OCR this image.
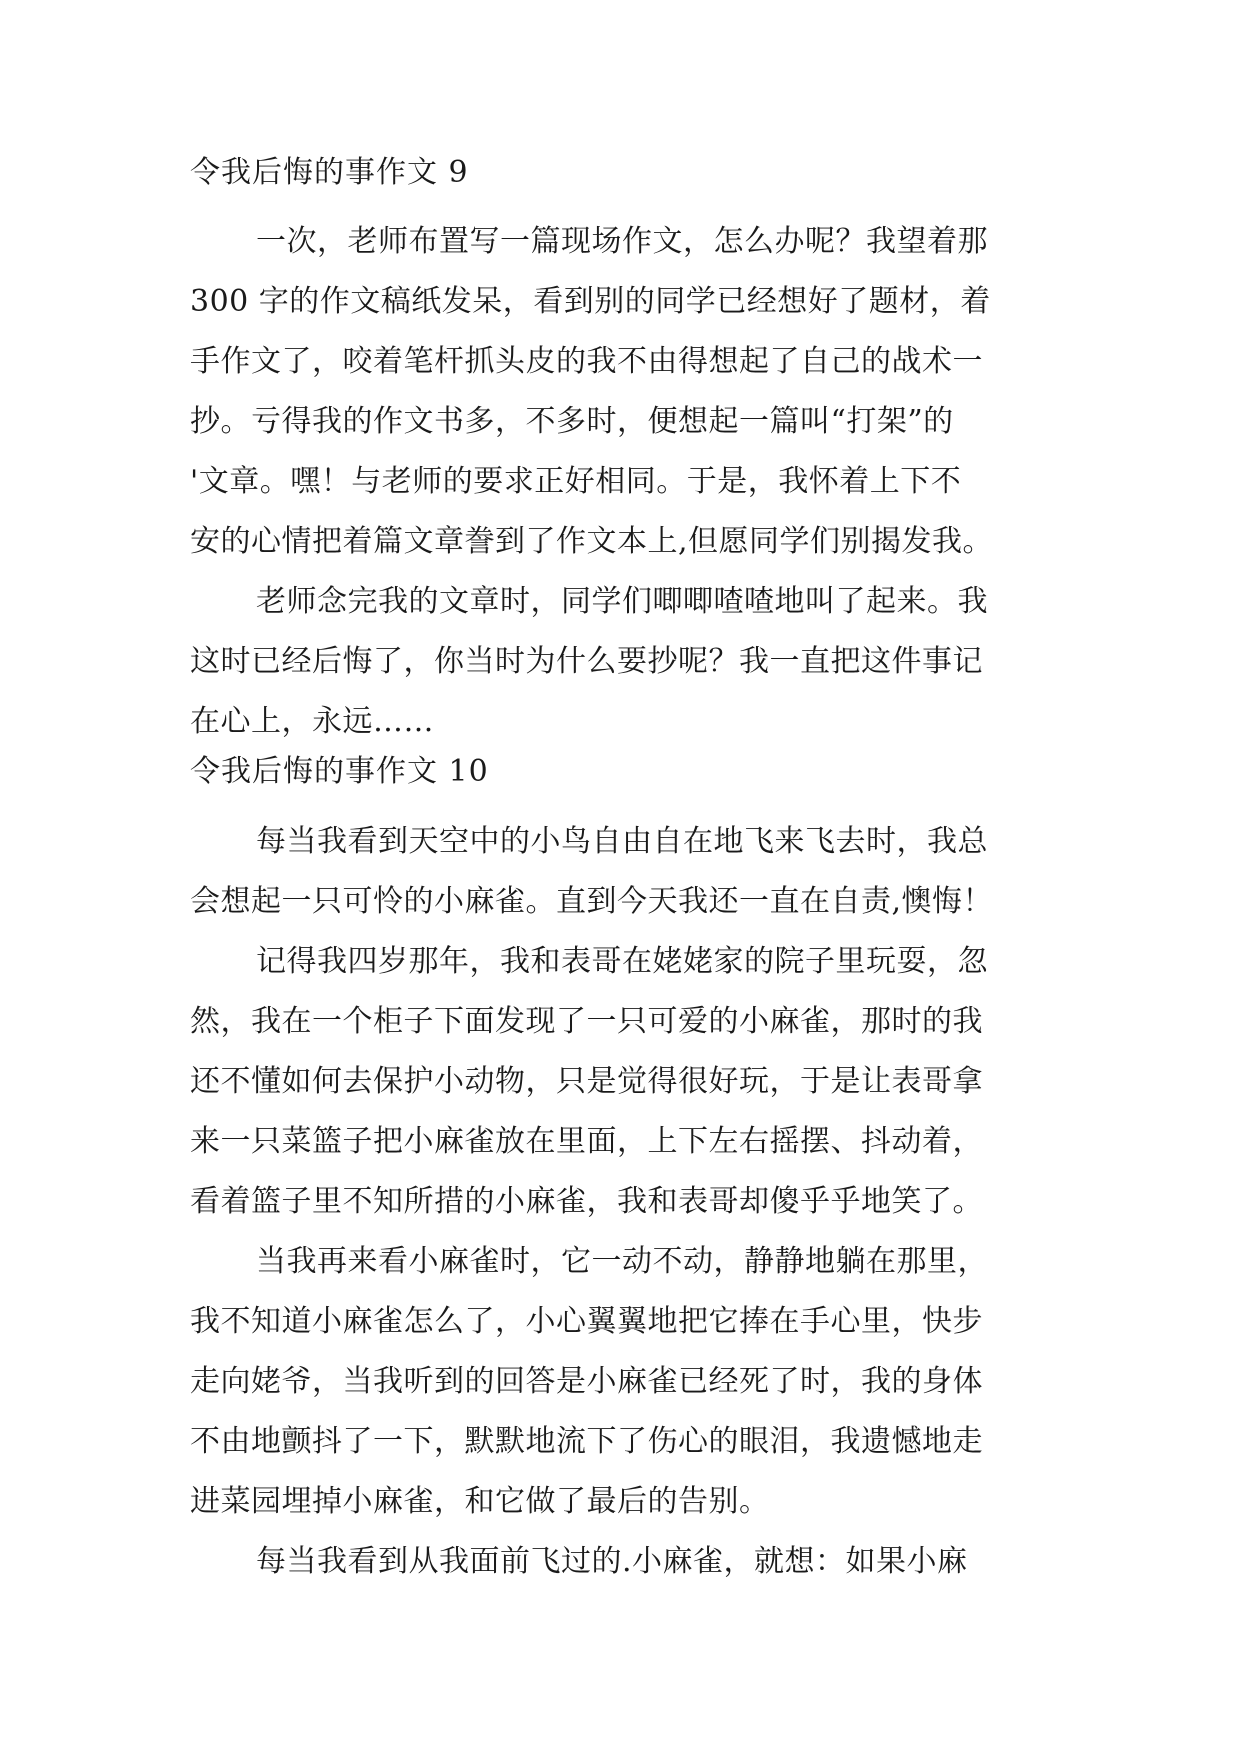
令我后悔的事作文 9
一次，老师布置写一篇现场作文，怎么办呢？我望着那
300 字的作文稿纸发呆，看到别的同学已经想好了题材，着
手作文了，咬着笔杆抓头皮的我不由得想起了自己的战术一
抄。亏得我的作文书多，不多时，便想起一篇叫“打架”的
'文章。嘿！与老师的要求正好相同。于是，我怀着上下不
安的心情把着篇文章誊到了作文本上,但愿同学们别揭发我。
老师念完我的文章时，同学们唧唧喳喳地叫了起来。我
这时已经后悔了，你当时为什么要抄呢？我一直把这件事记
在心上，永远……
令我后悔的事作文 10
每当我看到天空中的小鸟自由自在地飞来飞去时，我总
会想起一只可怜的小麻雀。直到今天我还一直在自责,懊悔！
记得我四岁那年，我和表哥在姥姥家的院子里玩耍，忽
然，我在一个柜子下面发现了一只可爱的小麻雀，那时的我
还不懂如何去保护小动物，只是觉得很好玩，于是让表哥拿
来一只菜篮子把小麻雀放在里面，上下左右摇摆、抖动着，
看着篮子里不知所措的小麻雀，我和表哥却傻乎乎地笑了。
当我再来看小麻雀时，它一动不动，静静地躺在那里，
我不知道小麻雀怎么了，小心翼翼地把它捧在手心里，快步
走向姥爷，当我听到的回答是小麻雀已经死了时，我的身体
不由地颤抖了一下，默默地流下了伤心的眼泪，我遗憾地走
进菜园埋掉小麻雀，和它做了最后的告别。
每当我看到从我面前飞过的.小麻雀，就想：如果小麻
